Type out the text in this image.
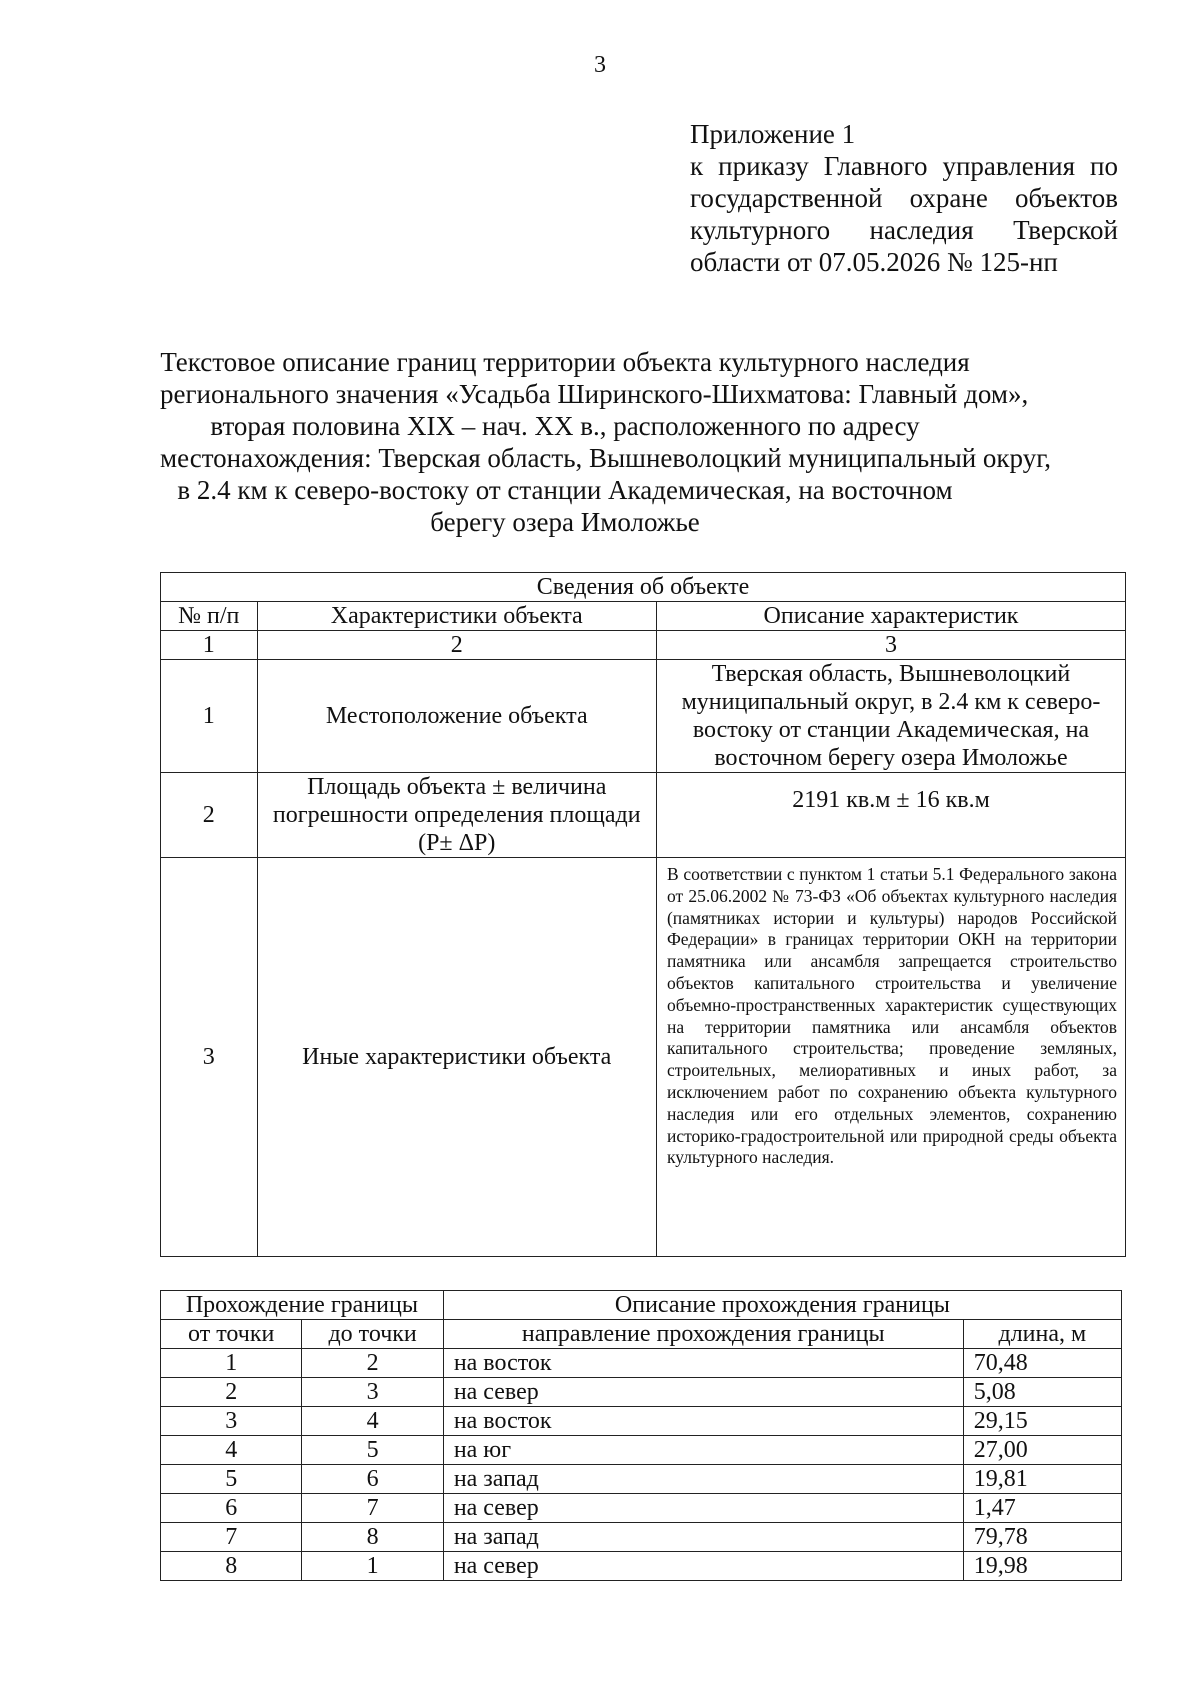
3
Приложение 1
к приказу Главного управления по
государственной охране объектов
культурного наследия Тверской
области от 07.05.2026 № 125-нп
Текстовое описание границ территории объекта культурного наследия
регионального значения «Усадьба Ширинского-Шихматова: Главный дом»,
вторая половина XIX – нач. XX в., расположенного по адресу
местонахождения: Тверская область, Вышневолоцкий муниципальный округ,
в 2.4 км к северо-востоку от станции Академическая, на восточном
берегу озера Имоложье
Сведения об объекте		
№ п/п	Характеристики объекта	Описание характеристик
1	2	3
1	Местоположение объекта	Тверская область, Вышневолоцкий
муниципальный округ, в 2.4 км к северо-
востоку от станции Академическая, на
восточном берегу озера Имоложье

2	Площадь объекта ± величина
погрешности определения площади
(P± ΔP)	2191 кв.м ± 16 кв.м
3	Иные характеристики объекта	В соответствии с пунктом 1 статьи 5.1 Федерального закона от 25.06.2002 № 73-ФЗ «Об объектах культурного наследия (памятниках истории и культуры) народов Российской Федерации» в границах территории ОКН на территории памятника или ансамбля запрещается строительство объектов капитального строительства и увеличение объемно-пространственных характеристик существующих на территории памятника или ансамбля объектов капитального строительства; проведение земляных, строительных, мелиоративных и иных работ, за исключением работ по сохранению объекта культурного наследия или его отдельных элементов, сохранению историко-градостроительной или природной среды объекта культурного наследия.
Прохождение границы		Описание прохождения границы	
от точки	до точки	направление прохождения границы	длина, м
1	2	на восток	70,48
2	3	на север	5,08
3	4	на восток	29,15
4	5	на юг	27,00
5	6	на запад	19,81
6	7	на север	1,47
7	8	на запад	79,78
8	1	на север	19,98
